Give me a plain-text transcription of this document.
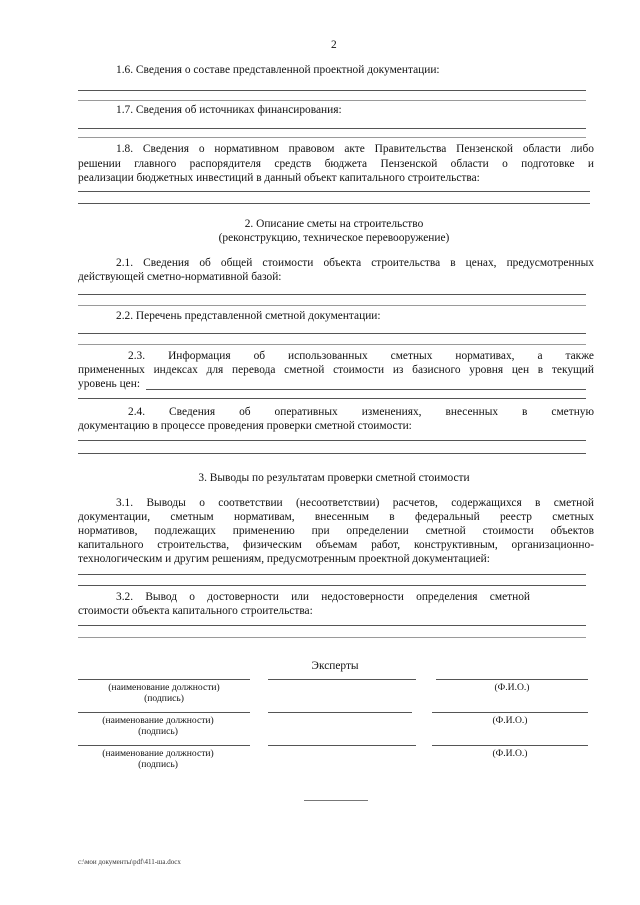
2
1.6. Сведения о составе представленной проектной документации:
1.7. Сведения об источниках финансирования:
1.8. Сведения о нормативном правовом акте Правительства Пензенской области либо
решении главного распорядителя средств бюджета Пензенской области о подготовке и
реализации бюджетных инвестиций в данный объект капитального строительства:
2. Описание сметы на строительство
(реконструкцию, техническое перевооружение)
2.1. Сведения об общей стоимости объекта строительства в ценах, предусмотренных
действующей сметно-нормативной базой:
2.2. Перечень представленной сметной документации:
2.3. Информация об использованных сметных нормативах, а также
примененных индексах для перевода сметной стоимости из базисного уровня цен в текущий
уровень цен:
2.4. Сведения об оперативных изменениях, внесенных в сметную
документацию в процессе проведения проверки сметной стоимости:
3. Выводы по результатам проверки сметной стоимости
3.1. Выводы о соответствии (несоответствии) расчетов, содержащихся в сметной
документации, сметным нормативам, внесенным в федеральный реестр сметных
нормативов, подлежащих применению при определении сметной стоимости объектов
капитального строительства, физическим объемам работ, конструктивным, организационно-
технологическим и другим решениям, предусмотренным проектной документацией:
3.2. Вывод о достоверности или недостоверности определения сметной
стоимости объекта капитального строительства:
Эксперты
(наименование должности)
(подпись)
(Ф.И.О.)
(наименование должности)
(подпись)
(Ф.И.О.)
(наименование должности)
(подпись)
(Ф.И.О.)
c:\мои документы\pdf\411-ша.docx
